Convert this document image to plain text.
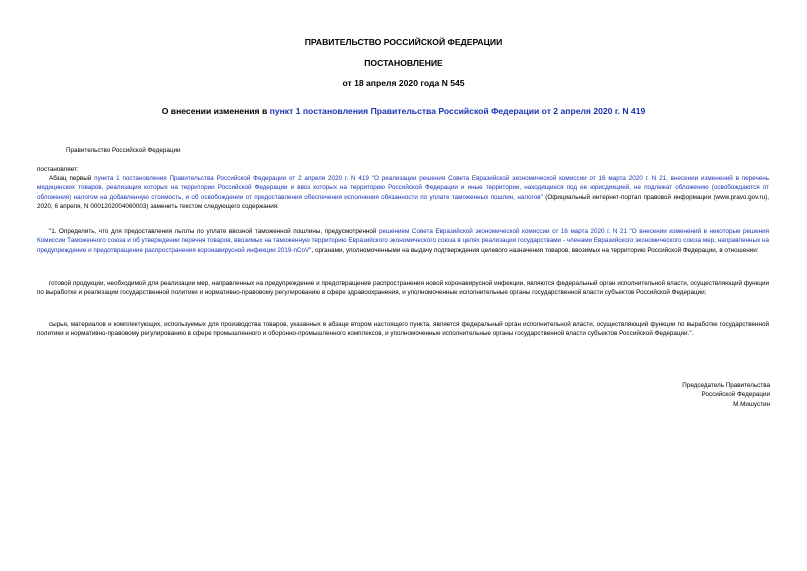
ПРАВИТЕЛЬСТВО РОССИЙСКОЙ ФЕДЕРАЦИИ
ПОСТАНОВЛЕНИЕ
от 18 апреля 2020 года N 545
О внесении изменения в пункт 1 постановления Правительства Российской Федерации от 2 апреля 2020 г. N 419
Правительство Российской Федерации
постановляет:
Абзац первый пункта 1 постановления Правительства Российской Федерации от 2 апреля 2020 г. N 419 "О реализации решения Совета Евразийской экономической комиссии от 16 марта 2020 г. N 21, внесении изменений в перечень медицинских товаров, реализация которых на территории Российской Федерации и ввоз которых на территорию Российской Федерации и иные территории, находящиеся под ее юрисдикцией, не подлежат обложению (освобождаются от обложения) налогом на добавленную стоимость, и об освобождении от предоставления обеспечения исполнения обязанности по уплате таможенных пошлин, налогов" (Официальный интернет-портал правовой информации (www.pravo.gov.ru), 2020, 6 апреля, N 0001202004060003) заменить текстом следующего содержания:
"1. Определить, что для предоставления льготы по уплате ввозной таможенной пошлины, предусмотренной решением Совета Евразийской экономической комиссии от 16 марта 2020 г. N 21 "О внесении изменений в некоторые решения Комиссии Таможенного союза и об утверждении перечня товаров, ввозимых на таможенную территорию Евразийского экономического союза в целях реализации государствами - членами Евразийского экономического союза мер, направленных на предупреждение и предотвращение распространения коронавирусной инфекции 2019-nCoV", органами, уполномоченными на выдачу подтверждения целевого назначения товаров, ввозимых на территорию Российской Федерации, в отношении:
готовой продукции, необходимой для реализации мер, направленных на предупреждение и предотвращение распространения новой коронавирусной инфекции, являются федеральный орган исполнительной власти, осуществляющий функции по выработке и реализации государственной политики и нормативно-правовому регулированию в сфере здравоохранения, и уполномоченные исполнительные органы государственной власти субъектов Российской Федерации;
сырья, материалов и комплектующих, используемых для производства товаров, указанных в абзаце втором настоящего пункта, является федеральный орган исполнительной власти, осуществляющий функции по выработке государственной политики и нормативно-правовому регулированию в сфере промышленного и оборонно-промышленного комплексов, и уполномоченные исполнительные органы государственной власти субъектов Российской Федерации.".
Председатель Правительства
Российской Федерации
М.Мишустин
